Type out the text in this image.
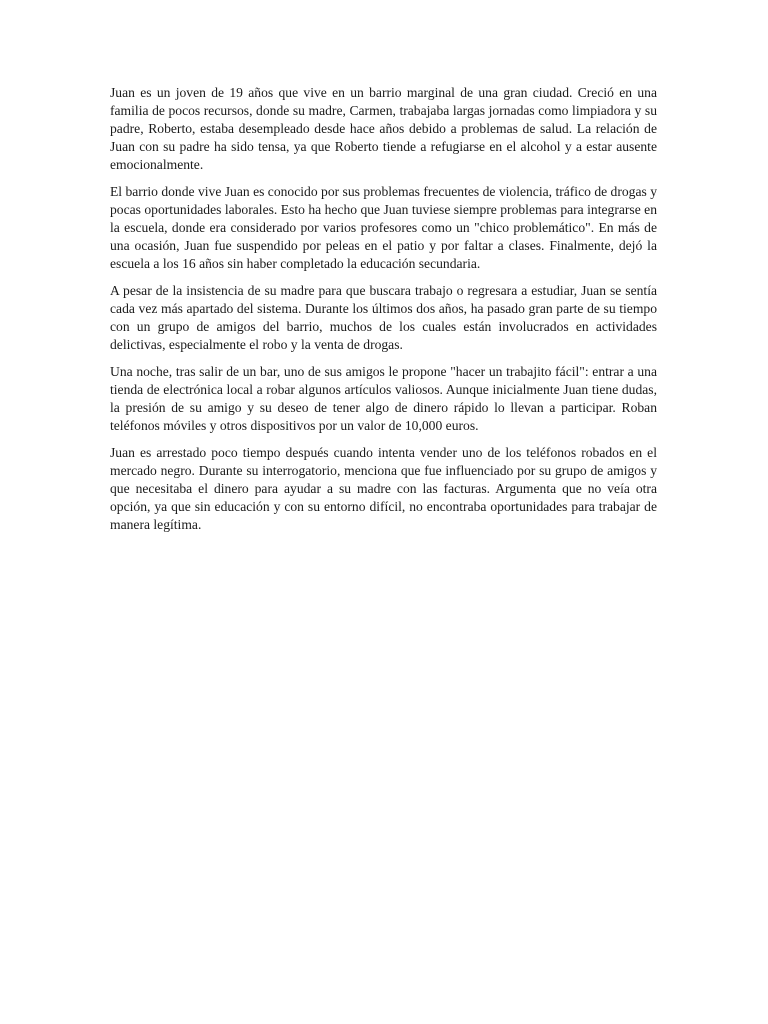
Juan es un joven de 19 años que vive en un barrio marginal de una gran ciudad. Creció en una familia de pocos recursos, donde su madre, Carmen, trabajaba largas jornadas como limpiadora y su padre, Roberto, estaba desempleado desde hace años debido a problemas de salud. La relación de Juan con su padre ha sido tensa, ya que Roberto tiende a refugiarse en el alcohol y a estar ausente emocionalmente.

El barrio donde vive Juan es conocido por sus problemas frecuentes de violencia, tráfico de drogas y pocas oportunidades laborales. Esto ha hecho que Juan tuviese siempre problemas para integrarse en la escuela, donde era considerado por varios profesores como un "chico problemático". En más de una ocasión, Juan fue suspendido por peleas en el patio y por faltar a clases. Finalmente, dejó la escuela a los 16 años sin haber completado la educación secundaria.

A pesar de la insistencia de su madre para que buscara trabajo o regresara a estudiar, Juan se sentía cada vez más apartado del sistema. Durante los últimos dos años, ha pasado gran parte de su tiempo con un grupo de amigos del barrio, muchos de los cuales están involucrados en actividades delictivas, especialmente el robo y la venta de drogas.

Una noche, tras salir de un bar, uno de sus amigos le propone "hacer un trabajito fácil": entrar a una tienda de electrónica local a robar algunos artículos valiosos. Aunque inicialmente Juan tiene dudas, la presión de su amigo y su deseo de tener algo de dinero rápido lo llevan a participar. Roban teléfonos móviles y otros dispositivos por un valor de 10,000 euros.

Juan es arrestado poco tiempo después cuando intenta vender uno de los teléfonos robados en el mercado negro. Durante su interrogatorio, menciona que fue influenciado por su grupo de amigos y que necesitaba el dinero para ayudar a su madre con las facturas. Argumenta que no veía otra opción, ya que sin educación y con su entorno difícil, no encontraba oportunidades para trabajar de manera legítima.
